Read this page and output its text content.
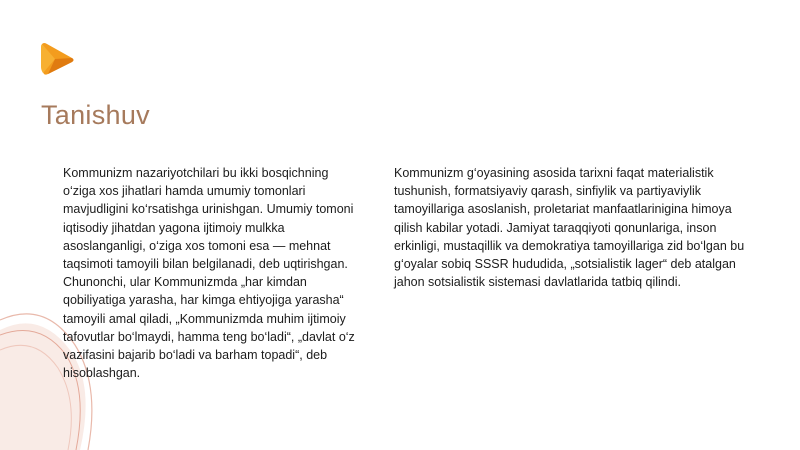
Tanishuv
Kommunizm nazariyotchilari bu ikki bosqichning o‘ziga xos jihatlari hamda umumiy tomonlari mavjudligini ko‘rsatishga urinishgan. Umumiy tomoni iqtisodiy jihatdan yagona ijtimoiy mulkka asoslanganligi, o‘ziga xos tomoni esa — mehnat taqsimoti tamoyili bilan belgilanadi, deb uqtirishgan. Chunonchi, ular Kommunizmda „har kimdan qobiliyatiga yarasha, har kimga ehtiyojiga yarasha“ tamoyili amal qiladi, „Kommunizmda muhim ijtimoiy tafovutlar bo‘lmaydi, hamma teng bo‘ladi“, „davlat o‘z vazifasini bajarib bo‘ladi va barham topadi“, deb hisoblashgan.
Kommunizm g‘oyasining asosida tarixni faqat materialistik tushunish, formatsiyaviy qarash, sinfiylik va partiyaviylik tamoyillariga asoslanish, proletariat manfaatlarinigina himoya qilish kabilar yotadi. Jamiyat taraqqiyoti qonunlariga, inson erkinligi, mustaqillik va demokratiya tamoyillariga zid bo‘lgan bu g‘oyalar sobiq SSSR hududida, „sotsialistik lager“ deb atalgan jahon sotsialistik sistemasi davlatlarida tatbiq qilindi.
